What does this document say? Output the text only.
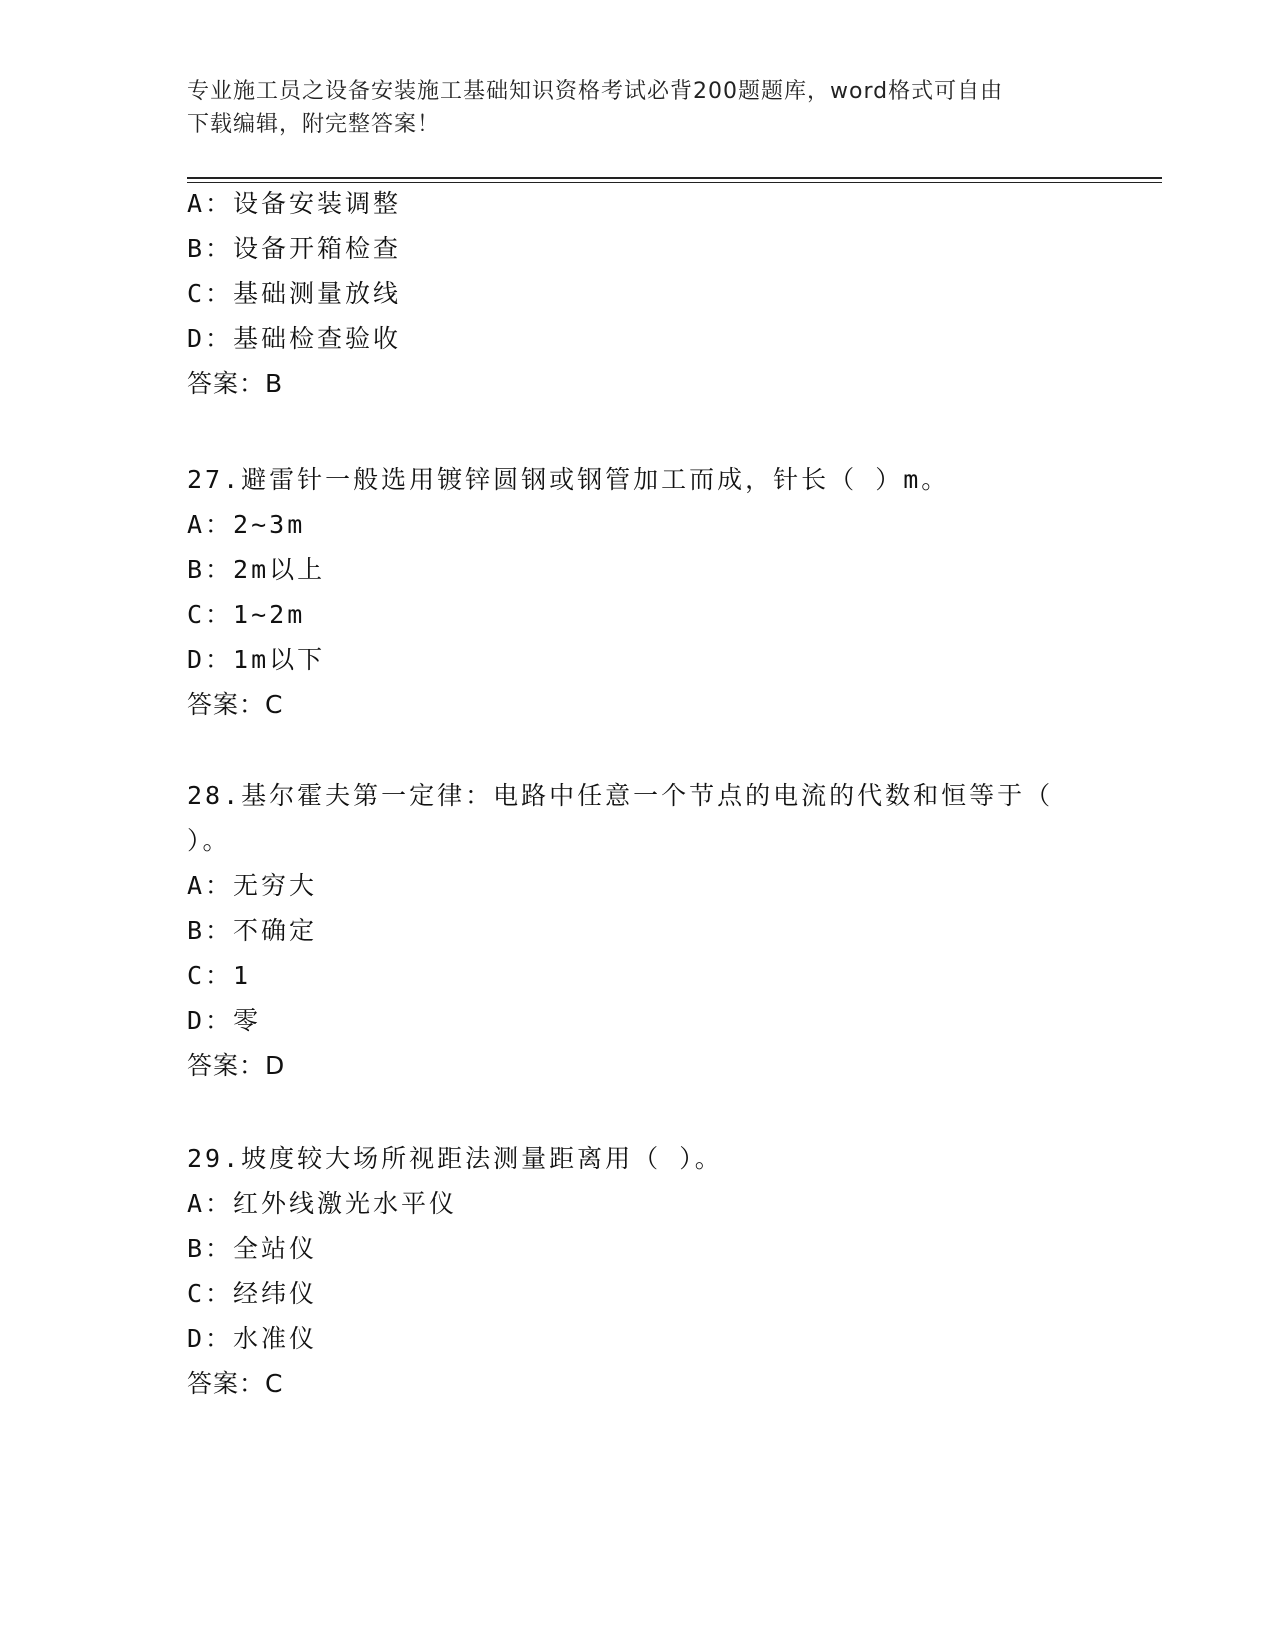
专业施工员之设备安装施工基础知识资格考试必背200题题库，word格式可自由
下载编辑，附完整答案！
A：设备安装调整
B：设备开箱检查
C：基础测量放线
D：基础检查验收
答案：B
27.避雷针一般选用镀锌圆钢或钢管加工而成，针长（ ）m。
A：2~3m
B：2m以上
C：1~2m
D：1m以下
答案：C
28.基尔霍夫第一定律：电路中任意一个节点的电流的代数和恒等于（
）。
A：无穷大
B：不确定
C：1
D：零
答案：D
29.坡度较大场所视距法测量距离用（ ）。
A：红外线激光水平仪
B：全站仪
C：经纬仪
D：水准仪
答案：C
